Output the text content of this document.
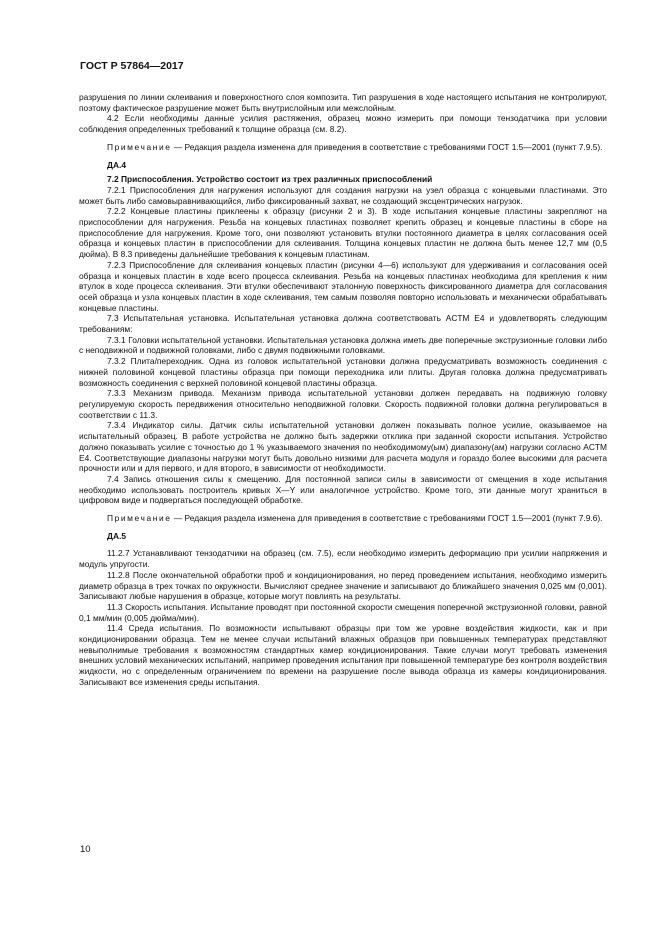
ГОСТ Р 57864—2017

разрушения по линии склеивания и поверхностного слоя композита. Тип разрушения в ходе настоящего испытания не контролируют, поэтому фактическое разрушение может быть внутрислойным или межслойным.

4.2 Если необходимы данные усилия растяжения, образец можно измерить при помощи тензодатчика при условии соблюдения определенных требований к толщине образца (см. 8.2).

Примечание — Редакция раздела изменена для приведения в соответствие с требованиями ГОСТ 1.5—2001 (пункт 7.9.5).

ДА.4

7.2 Приспособления. Устройство состоит из трех различных приспособлений

7.2.1 Приспособления для нагружения используют для создания нагрузки на узел образца с концевыми пластинами. Это может быть либо самовыравнивающийся, либо фиксированный захват, не создающий эксцентрических нагрузок.

7.2.2 Концевые пластины приклеены к образцу (рисунки 2 и 3). В ходе испытания концевые пластины закрепляют на приспособлении для нагружения. Резьба на концевых пластинах позволяет крепить образец и концевые пластины в сборе на приспособление для нагружения. Кроме того, они позволяют установить втулки постоянного диаметра в целях согласования осей образца и концевых пластин в приспособлении для склеивания. Толщина концевых пластин не должна быть менее 12,7 мм (0,5 дюйма). В 8.3 приведены дальнейшие требования к концевым пластинам.

7.2.3 Приспособление для склеивания концевых пластин (рисунки 4—6) используют для удерживания и согласования осей образца и концевых пластин в ходе всего процесса склеивания. Резьба на концевых пластинах необходима для крепления к ним втулок в ходе процесса склеивания. Эти втулки обеспечивают эталонную поверхность фиксированного диаметра для согласования осей образца и узла концевых пластин в ходе склеивания, тем самым позволяя повторно использовать и механически обрабатывать концевые пластины.

7.3 Испытательная установка. Испытательная установка должна соответствовать ACTM E4 и удовлетворять следующим требованиям:

7.3.1 Головки испытательной установки. Испытательная установка должна иметь две поперечные экструзионные головки либо с неподвижной и подвижной головками, либо с двумя подвижными головками.

7.3.2 Плита/переходник. Одна из головок испытательной установки должна предусматривать возможность соединения с нижней половиной концевой пластины образца при помощи переходника или плиты. Другая головка должна предусматривать возможность соединения с верхней половиной концевой пластины образца.

7.3.3 Механизм привода. Механизм привода испытательной установки должен передавать на подвижную головку регулируемую скорость передвижения относительно неподвижной головки. Скорость подвижной головки должна регулироваться в соответствии с 11.3.

7.3.4 Индикатор силы. Датчик силы испытательной установки должен показывать полное усилие, оказываемое на испытательный образец. В работе устройства не должно быть задержки отклика при заданной скорости испытания. Устройство должно показывать усилие с точностью до 1 % указываемого значения по необходимому(ым) диапазону(ам) нагрузки согласно ACTM E4. Соответствующие диапазоны нагрузки могут быть довольно низкими для расчета модуля и гораздо более высокими для расчета прочности или и для первого, и для второго, в зависимости от необходимости.

7.4 Запись отношения силы к смещению. Для постоянной записи силы в зависимости от смещения в ходе испытания необходимо использовать построитель кривых X—Y или аналогичное устройство. Кроме того, эти данные могут храниться в цифровом виде и подвергаться последующей обработке.

Примечание — Редакция раздела изменена для приведения в соответствие с требованиями ГОСТ 1.5—2001 (пункт 7.9.6).

ДА.5

11.2.7 Устанавливают тензодатчики на образец (см. 7.5), если необходимо измерить деформацию при усилии напряжения и модуль упругости.

11.2.8 После окончательной обработки проб и кондиционирования, но перед проведением испытания, необходимо измерить диаметр образца в трех точках по окружности. Вычисляют среднее значение и записывают до ближайшего значения 0,025 мм (0,001). Записывают любые нарушения в образце, которые могут повлиять на результаты.

11.3 Скорость испытания. Испытание проводят при постоянной скорости смещения поперечной экструзионной головки, равной 0,1 мм/мин (0,005 дюйма/мин).

11.4 Среда испытания. По возможности испытывают образцы при том же уровне воздействия жидкости, как и при кондиционировании образца. Тем не менее случаи испытаний влажных образцов при повышенных температурах представляют невыполнимые требования к возможностям стандартных камер кондиционирования. Такие случаи могут требовать изменения внешних условий механических испытаний, например проведения испытания при повышенной температуре без контроля воздействия жидкости, но с определенным ограничением по времени на разрушение после вывода образца из камеры кондиционирования. Записывают все изменения среды испытания.

10
